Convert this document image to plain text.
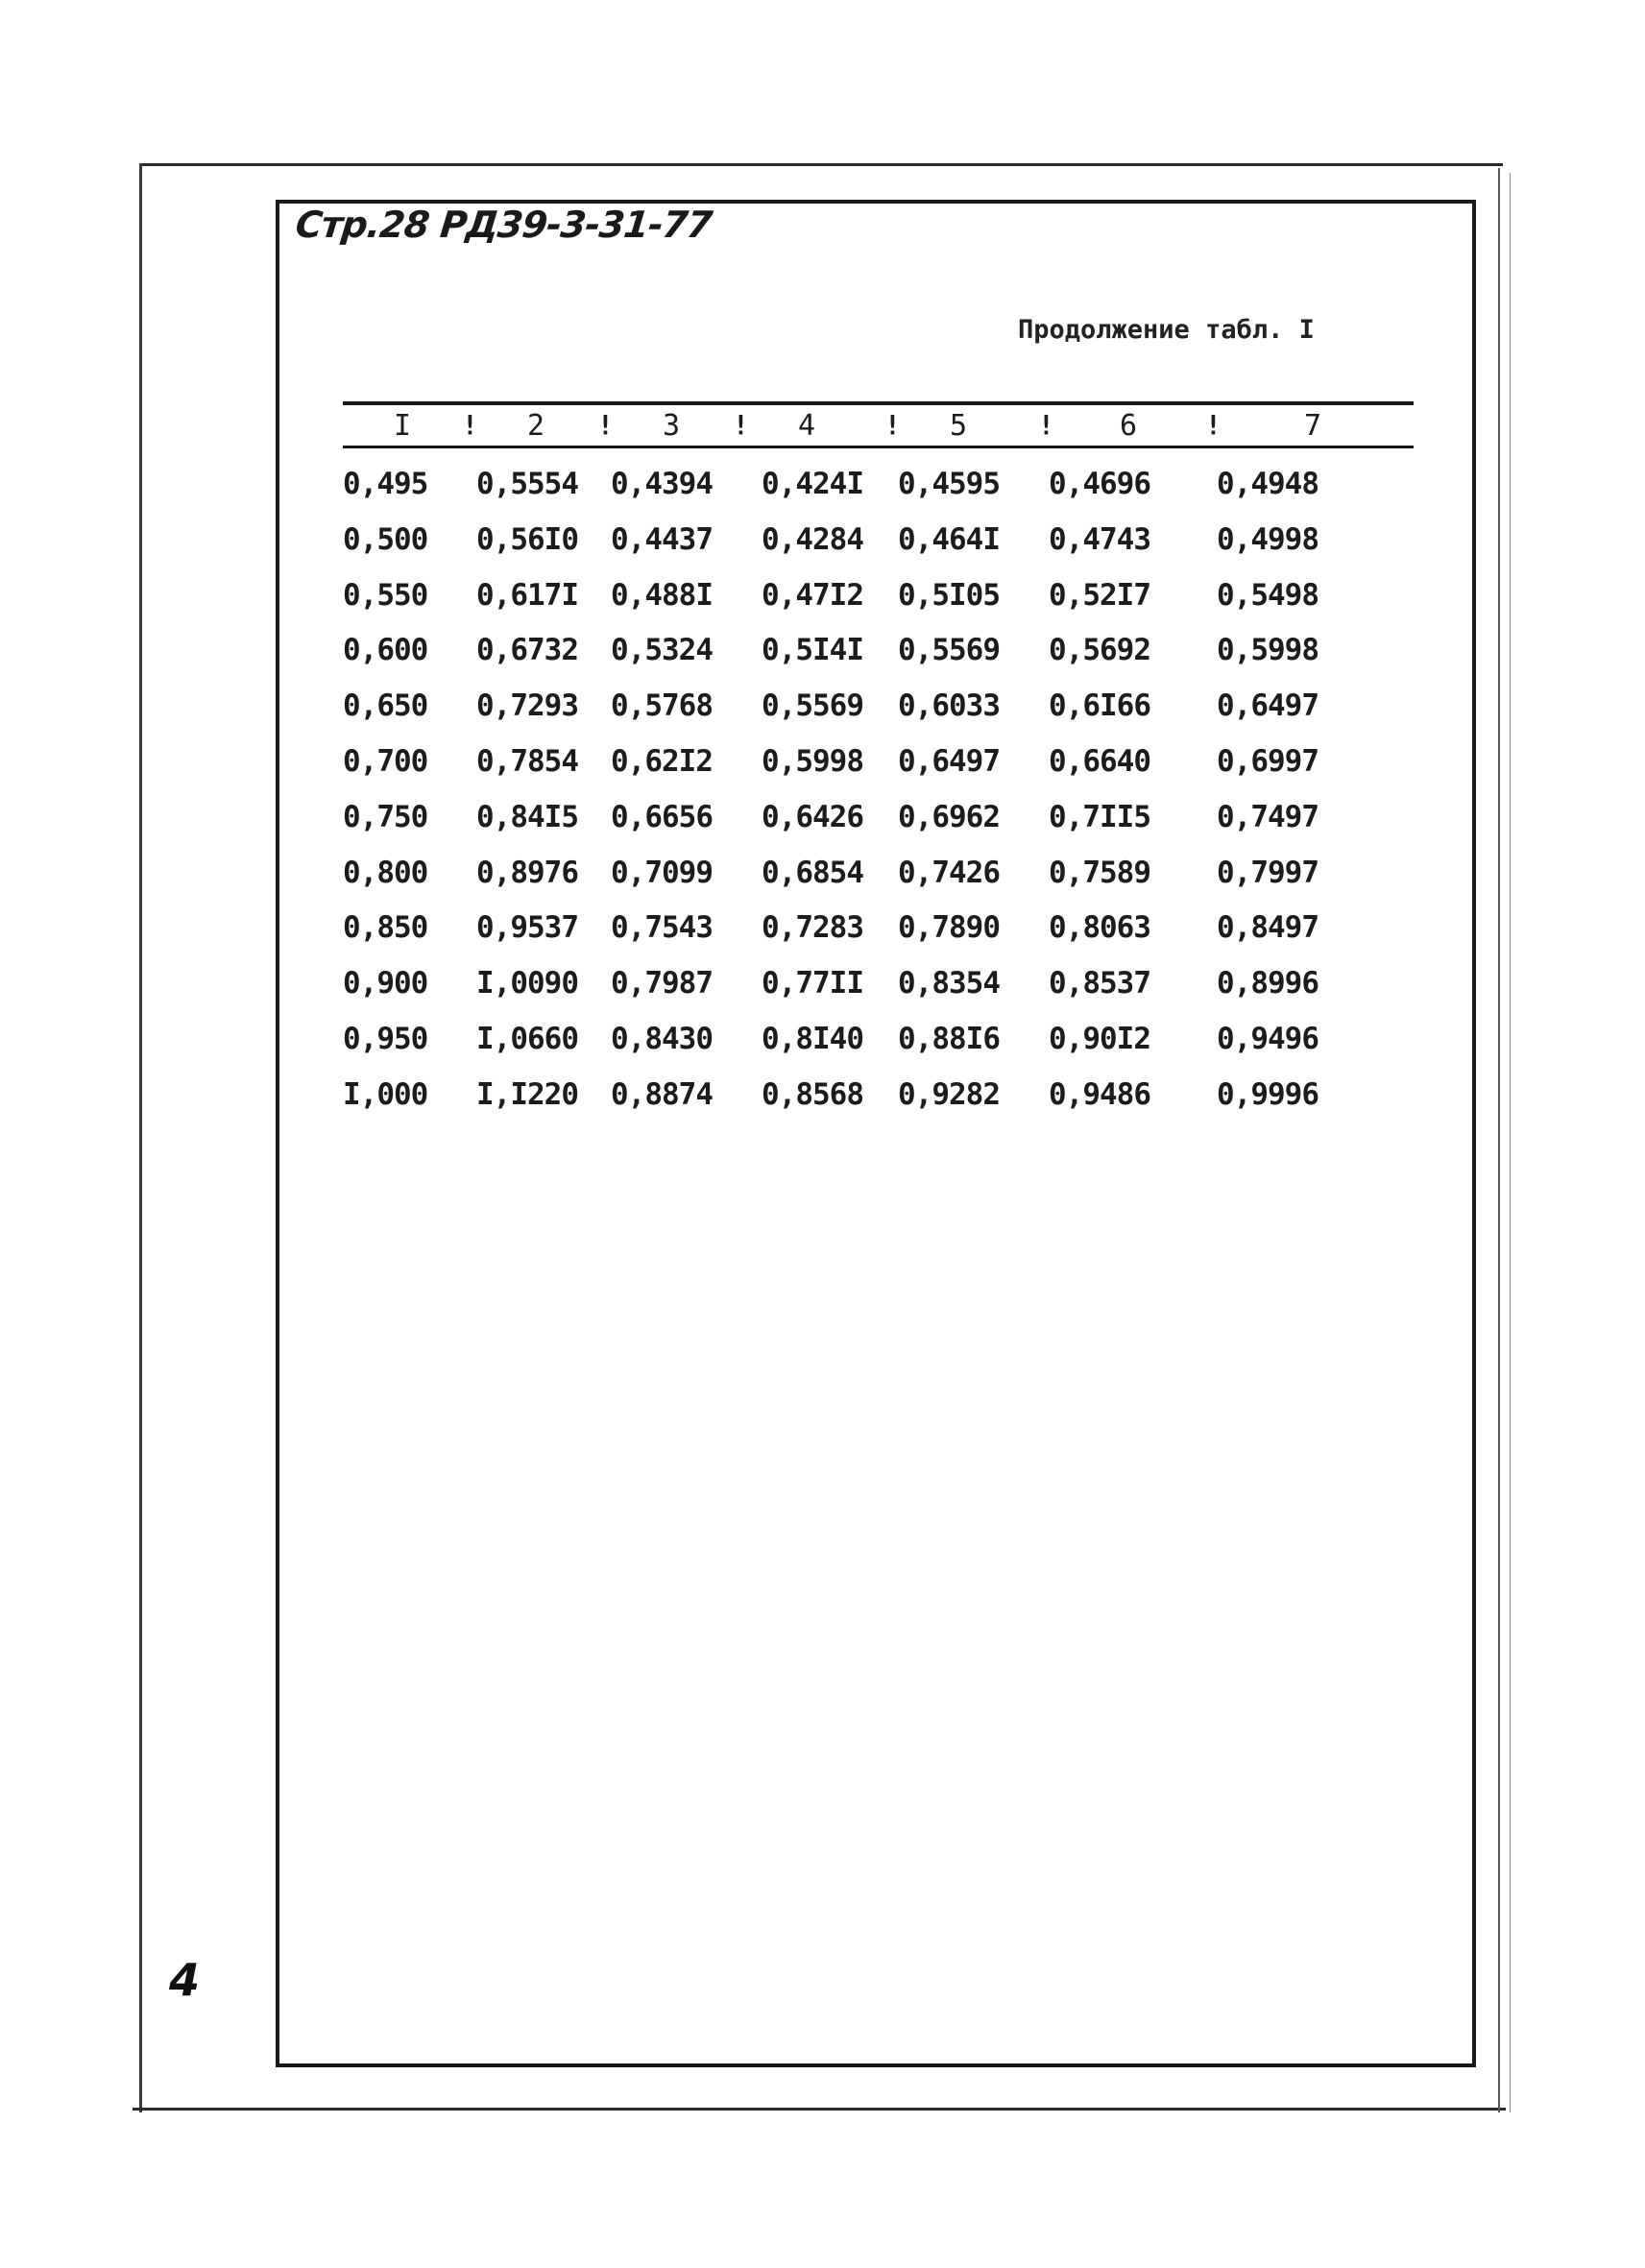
Стр.28 РД39-3-31-77
Продолжение табл. I
I ! 2 ! 3 ! 4	! 5	! 6	!	7
0,495 0,5554 0,4394 0,424I 0,4595 0,4696 0,4948
0,500 0,56I0 0,4437 0,4284 0,464I 0,4743 0,4998
0,550 0,617I 0,488I 0,47I2 0,5I05 0,52I7 0,5498
0,600 0,6732 0,5324 0,5I4I 0,5569 0,5692 0,5998
0,650 0,7293 0,5768 0,5569 0,6033 0,6I66 0,6497
0,700 0,7854 0,62I2 0,5998 0,6497 0,6640 0,6997
0,750 0,84I5 0,6656 0,6426 0,6962 0,7II5 0,7497
0,800 0,8976 0,7099 0,6854 0,7426 0,7589 0,7997
0,850 0,9537 0,7543 0,7283 0,7890 0,8063 0,8497
0,900 I,0090 0,7987 0,77II 0,8354 0,8537 0,8996
0,950 I,0660 0,8430 0,8I40 0,88I6 0,90I2 0,9496
I,000 I,I220 0,8874 0,8568 0,9282 0,9486 0,9996
4
